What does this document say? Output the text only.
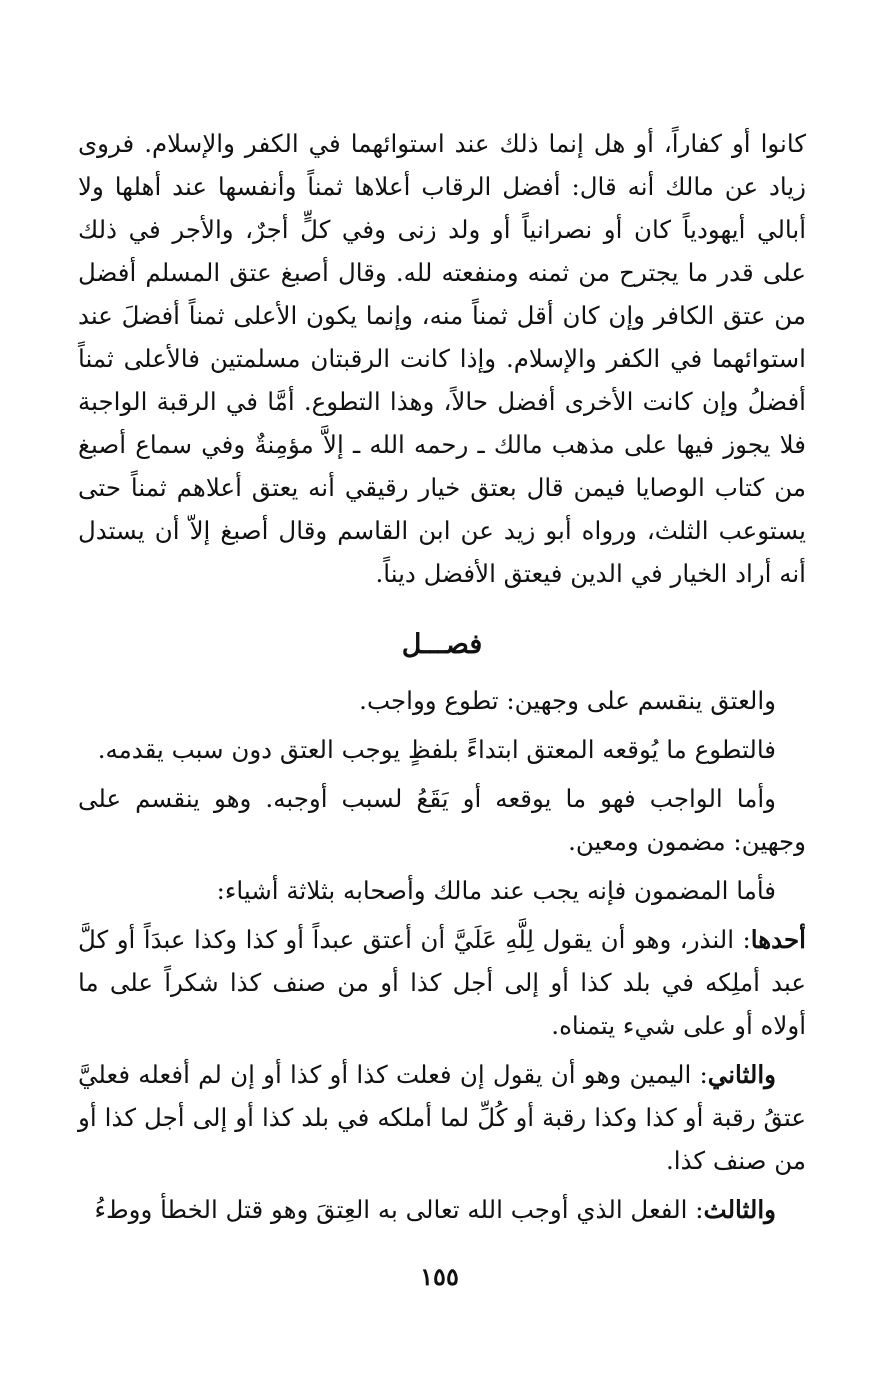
كانوا أو كفاراً، أو هل إنما ذلك عند استوائهما في الكفر والإسلام. فروى زياد عن مالك أنه قال: أفضل الرقاب أعلاها ثمناً وأنفسها عند أهلها ولا أبالي أيهودياً كان أو نصرانياً أو ولد زنى وفي كلٍّ أجرٌ، والأجر في ذلك على قدر ما يجترح من ثمنه ومنفعته لله. وقال أصبغ عتق المسلم أفضل من عتق الكافر وإن كان أقل ثمناً منه، وإنما يكون الأعلى ثمناً أفضلَ عند استوائهما في الكفر والإسلام. وإذا كانت الرقبتان مسلمتين فالأعلى ثمناً أفضلُ وإن كانت الأخرى أفضل حالاً، وهذا التطوع. أمَّا في الرقبة الواجبة فلا يجوز فيها على مذهب مالك ـ رحمه الله ـ إلاَّ مؤمِنةٌ وفي سماع أصبغ من كتاب الوصايا فيمن قال بعتق خيار رقيقي أنه يعتق أعلاهم ثمناً حتى يستوعب الثلث، ورواه أبو زيد عن ابن القاسم وقال أصبغ إلاّ أن يستدل أنه أراد الخيار في الدين فيعتق الأفضل ديناً.

فصـــل

والعتق ينقسم على وجهين: تطوع وواجب.

فالتطوع ما يُوقعه المعتق ابتداءً بلفظٍ يوجب العتق دون سبب يقدمه.

وأما الواجب فهو ما يوقعه أو يَقَعُ لسبب أوجبه. وهو ينقسم على وجهين: مضمون ومعين.

فأما المضمون فإنه يجب عند مالك وأصحابه بثلاثة أشياء:

أحدها: النذر، وهو أن يقول لِلَّهِ عَلَيَّ أن أعتق عبداً أو كذا وكذا عبدَاً أو كلَّ عبد أملِكه في بلد كذا أو إلى أجل كذا أو من صنف كذا شكراً على ما أولاه أو على شيء يتمناه.

والثاني: اليمين وهو أن يقول إن فعلت كذا أو كذا أو إن لم أفعله فعليَّ عتقُ رقبة أو كذا وكذا رقبة أو كُلِّ لما أملكه في بلد كذا أو إلى أجل كذا أو من صنف كذا.

والثالث: الفعل الذي أوجب الله تعالى به العِتقَ وهو قتل الخطأ ووطءُ

١٥٥
